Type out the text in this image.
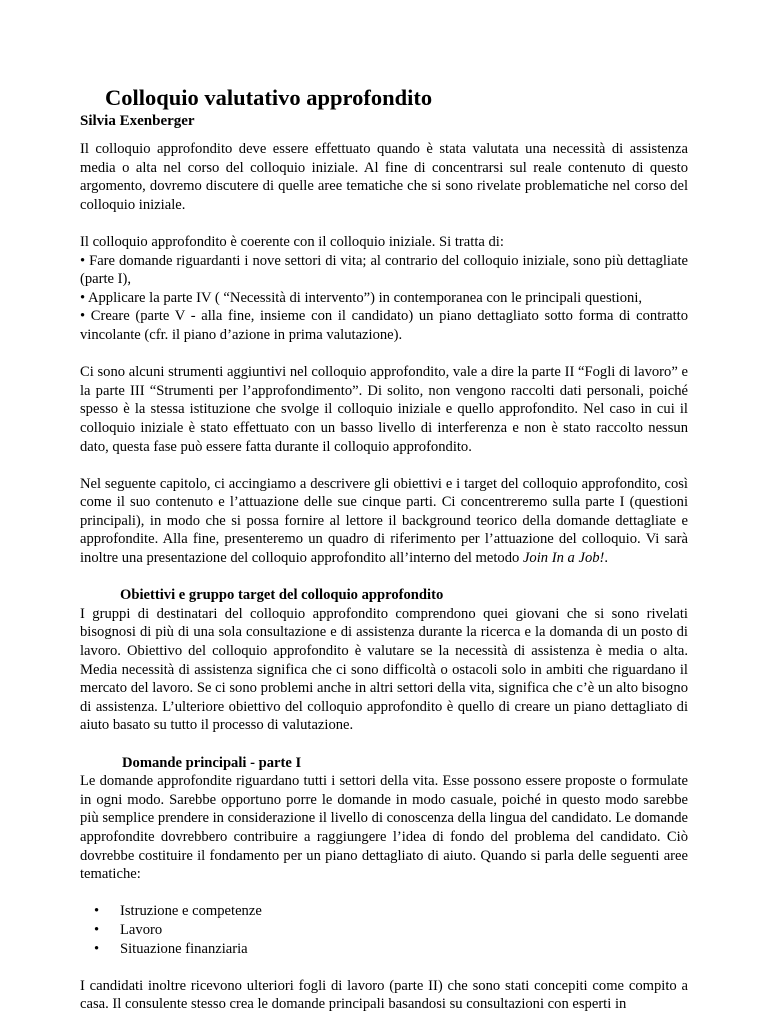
Colloquio valutativo approfondito
Silvia Exenberger

Il colloquio approfondito deve essere effettuato quando è stata valutata una necessità di assistenza media o alta nel corso del colloquio iniziale. Al fine di concentrarsi sul reale contenuto di questo argomento, dovremo discutere di quelle aree tematiche che si sono rivelate problematiche nel corso del colloquio iniziale.

Il colloquio approfondito è coerente con il colloquio iniziale. Si tratta di:

• Fare domande riguardanti i nove settori di vita; al contrario del colloquio iniziale, sono più dettagliate (parte I),

• Applicare la parte IV ( “Necessità di intervento”) in contemporanea con le principali questioni,

• Creare (parte V - alla fine, insieme con il candidato) un piano dettagliato sotto forma di contratto vincolante (cfr. il piano d’azione in prima valutazione).

Ci sono alcuni strumenti aggiuntivi nel colloquio approfondito, vale a dire la parte II “Fogli di lavoro” e la parte III “Strumenti per l’approfondimento”. Di solito, non vengono raccolti dati personali, poiché spesso è la stessa istituzione che svolge il colloquio iniziale e quello approfondito. Nel caso in cui il colloquio iniziale è stato effettuato con un basso livello di interferenza e non è stato raccolto nessun dato, questa fase può essere fatta durante il colloquio approfondito.

Nel seguente capitolo, ci accingiamo a descrivere gli obiettivi e i target del colloquio approfondito, così come il suo contenuto e l’attuazione delle sue cinque parti. Ci concentreremo sulla parte I (questioni principali), in modo che si possa fornire al lettore il background teorico della domande dettagliate e approfondite. Alla fine, presenteremo un quadro di riferimento per l’attuazione del colloquio. Vi sarà inoltre una presentazione del colloquio approfondito all’interno del metodo Join In a Job!.

Obiettivi e gruppo target del colloquio approfondito

I gruppi di destinatari del colloquio approfondito comprendono quei giovani che si sono rivelati bisognosi di più di una sola consultazione e di assistenza durante la ricerca e la domanda di un posto di lavoro. Obiettivo del colloquio approfondito è valutare se la necessità di assistenza è media o alta. Media necessità di assistenza significa che ci sono difficoltà o ostacoli solo in ambiti che riguardano il mercato del lavoro. Se ci sono problemi anche in altri settori della vita, significa che c’è un alto bisogno di assistenza. L’ulteriore obiettivo del colloquio approfondito è quello di creare un piano dettagliato di aiuto basato su tutto il processo di valutazione.

Domande principali - parte I

Le domande approfondite riguardano tutti i settori della vita. Esse possono essere proposte o formulate in ogni modo. Sarebbe opportuno porre le domande in modo casuale, poiché in questo modo sarebbe più semplice prendere in considerazione il livello di conoscenza della lingua del candidato. Le domande approfondite dovrebbero contribuire a raggiungere l’idea di fondo del problema del candidato. Ciò dovrebbe costituire il fondamento per un piano dettagliato di aiuto. Quando si parla delle seguenti aree tematiche:

• Istruzione e competenze
• Lavoro
• Situazione finanziaria

I candidati inoltre ricevono ulteriori fogli di lavoro (parte II) che sono stati concepiti come compito a casa. Il consulente stesso crea le domande principali basandosi su consultazioni con esperti in
